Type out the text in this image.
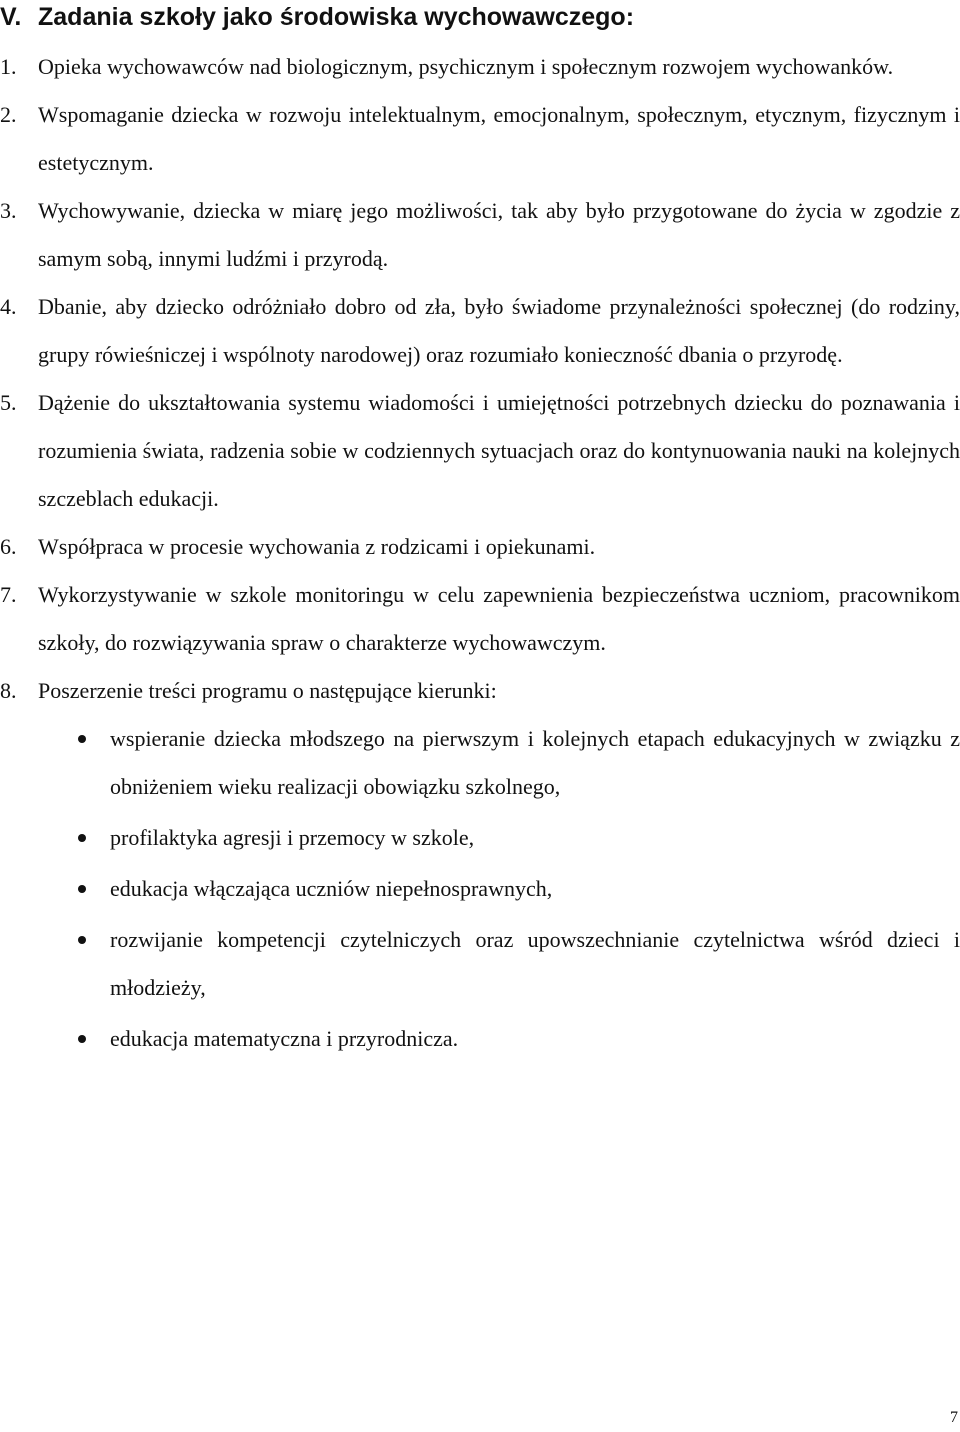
V. Zadania szkoły jako środowiska wychowawczego:
1. Opieka wychowawców nad biologicznym, psychicznym i społecznym rozwojem wychowanków.
2. Wspomaganie dziecka w rozwoju intelektualnym, emocjonalnym, społecznym, etycznym, fizycznym i estetycznym.
3. Wychowywanie, dziecka w miarę jego możliwości, tak aby było przygotowane do życia w zgodzie z samym sobą, innymi ludźmi i przyrodą.
4. Dbanie, aby dziecko odróżniało dobro od zła, było świadome przynależności społecznej (do rodziny, grupy rówieśniczej i wspólnoty narodowej) oraz rozumiało konieczność dbania o przyrodę.
5. Dążenie do ukształtowania systemu wiadomości i umiejętności potrzebnych dziecku do poznawania i rozumienia świata, radzenia sobie w codziennych sytuacjach oraz do kontynuowania nauki na kolejnych szczeblach edukacji.
6. Współpraca w procesie wychowania z rodzicami i opiekunami.
7. Wykorzystywanie w szkole monitoringu w celu zapewnienia bezpieczeństwa uczniom, pracownikom szkoły, do rozwiązywania spraw o charakterze wychowawczym.
8. Poszerzenie treści programu o następujące kierunki:
wspieranie dziecka młodszego na pierwszym i kolejnych etapach edukacyjnych w związku z obniżeniem wieku realizacji obowiązku szkolnego,
profilaktyka agresji i przemocy w szkole,
edukacja włączająca uczniów niepełnosprawnych,
rozwijanie kompetencji czytelniczych oraz upowszechnianie czytelnictwa wśród dzieci i młodzieży,
edukacja matematyczna i przyrodnicza.
7
